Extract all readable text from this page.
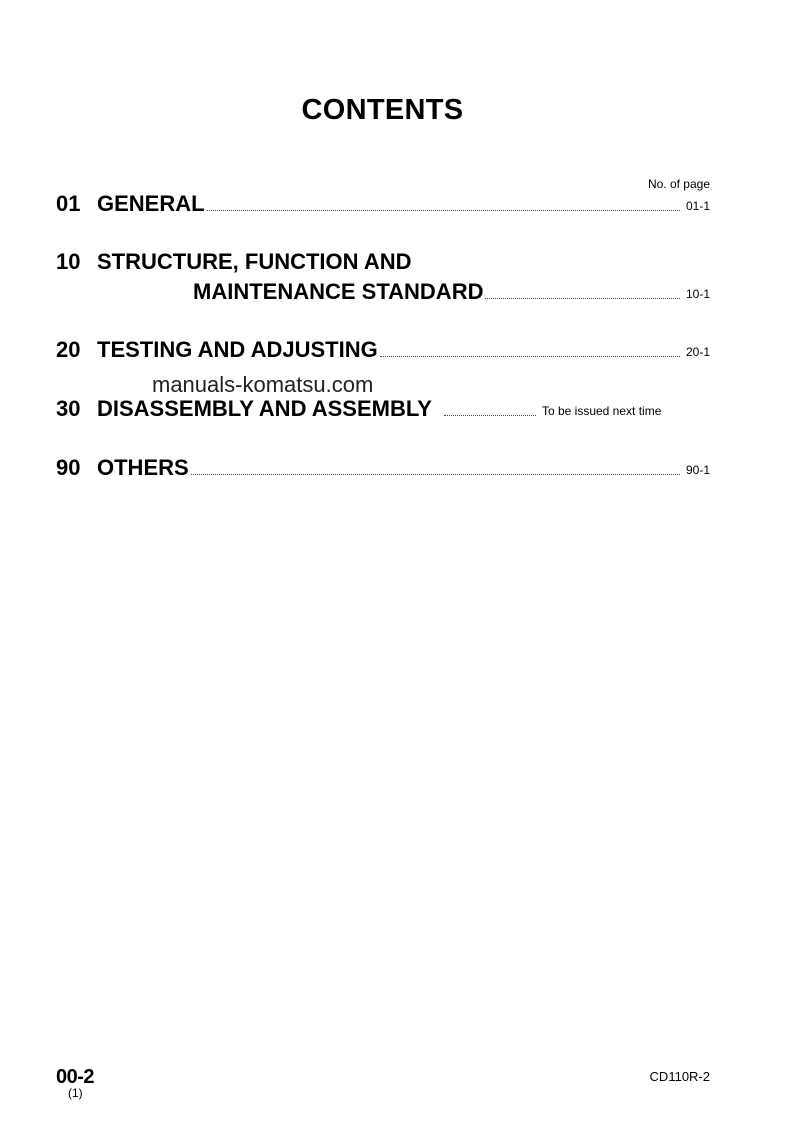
CONTENTS
No. of page
01 GENERAL	01-1
10 STRUCTURE, FUNCTION AND
MAINTENANCE STANDARD	10-1
20 TESTING AND ADJUSTING	20-1
manuals-komatsu.com
30 DISASSEMBLY AND ASSEMBLY	To be issued next time
90 OTHERS	90-1
00-2
(1)
CD110R-2
